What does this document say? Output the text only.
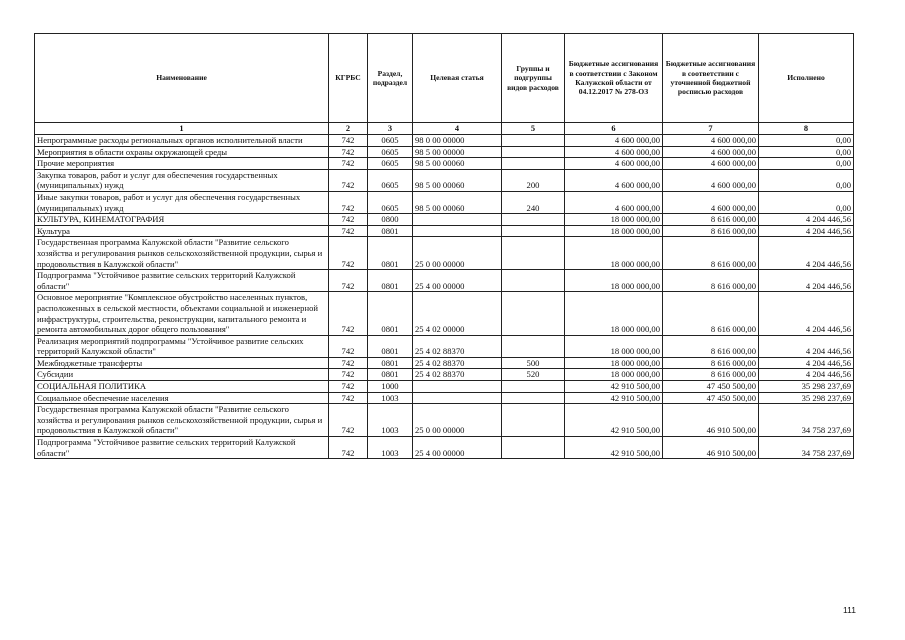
Наименование	КГРБС	Раздел, подраздел	Целевая статья	Группы и подгруппы видов расходов	Бюджетные ассигнования в соответствии с Законом Калужской области от 04.12.2017 № 278-ОЗ	Бюджетные ассигнования в соответствии с уточненной бюджетной росписью расходов	Исполнено
1	2	3	4	5	6	7	8
Непрограммные расходы региональных органов исполнительной власти	742	0605	98 0 00 00000		4 600 000,00	4 600 000,00	0,00
Мероприятия в области охраны окружающей среды	742	0605	98 5 00 00000		4 600 000,00	4 600 000,00	0,00
Прочие мероприятия	742	0605	98 5 00 00060		4 600 000,00	4 600 000,00	0,00
Закупка товаров, работ и услуг для обеспечения государственных (муниципальных) нужд	742	0605	98 5 00 00060	200	4 600 000,00	4 600 000,00	0,00
Иные закупки товаров, работ и услуг для обеспечения государственных (муниципальных) нужд	742	0605	98 5 00 00060	240	4 600 000,00	4 600 000,00	0,00
КУЛЬТУРА, КИНЕМАТОГРАФИЯ	742	0800			18 000 000,00	8 616 000,00	4 204 446,56
Культура	742	0801			18 000 000,00	8 616 000,00	4 204 446,56
Государственная программа Калужской области "Развитие сельского хозяйства и регулирования рынков сельскохозяйственной продукции, сырья и продовольствия в Калужской области"	742	0801	25 0 00 00000		18 000 000,00	8 616 000,00	4 204 446,56
Подпрограмма "Устойчивое развитие сельских территорий Калужской области"	742	0801	25 4 00 00000		18 000 000,00	8 616 000,00	4 204 446,56
Основное мероприятие "Комплексное обустройство населенных пунктов, расположенных в сельской местности, объектами социальной и инженерной инфраструктуры, строительства, реконструкции, капитального ремонта и ремонта автомобильных дорог общего пользования"	742	0801	25 4 02 00000		18 000 000,00	8 616 000,00	4 204 446,56
Реализация мероприятий подпрограммы "Устойчивое развитие сельских территорий Калужской области"	742	0801	25 4 02 88370		18 000 000,00	8 616 000,00	4 204 446,56
Межбюджетные трансферты	742	0801	25 4 02 88370	500	18 000 000,00	8 616 000,00	4 204 446,56
Субсидии	742	0801	25 4 02 88370	520	18 000 000,00	8 616 000,00	4 204 446,56
СОЦИАЛЬНАЯ ПОЛИТИКА	742	1000			42 910 500,00	47 450 500,00	35 298 237,69
Социальное обеспечение населения	742	1003			42 910 500,00	47 450 500,00	35 298 237,69
Государственная программа Калужской области "Развитие сельского хозяйства и регулирования рынков сельскохозяйственной продукции, сырья и продовольствия в Калужской области"	742	1003	25 0 00 00000		42 910 500,00	46 910 500,00	34 758 237,69
Подпрограмма "Устойчивое развитие сельских территорий Калужской области"	742	1003	25 4 00 00000		42 910 500,00	46 910 500,00	34 758 237,69
111
